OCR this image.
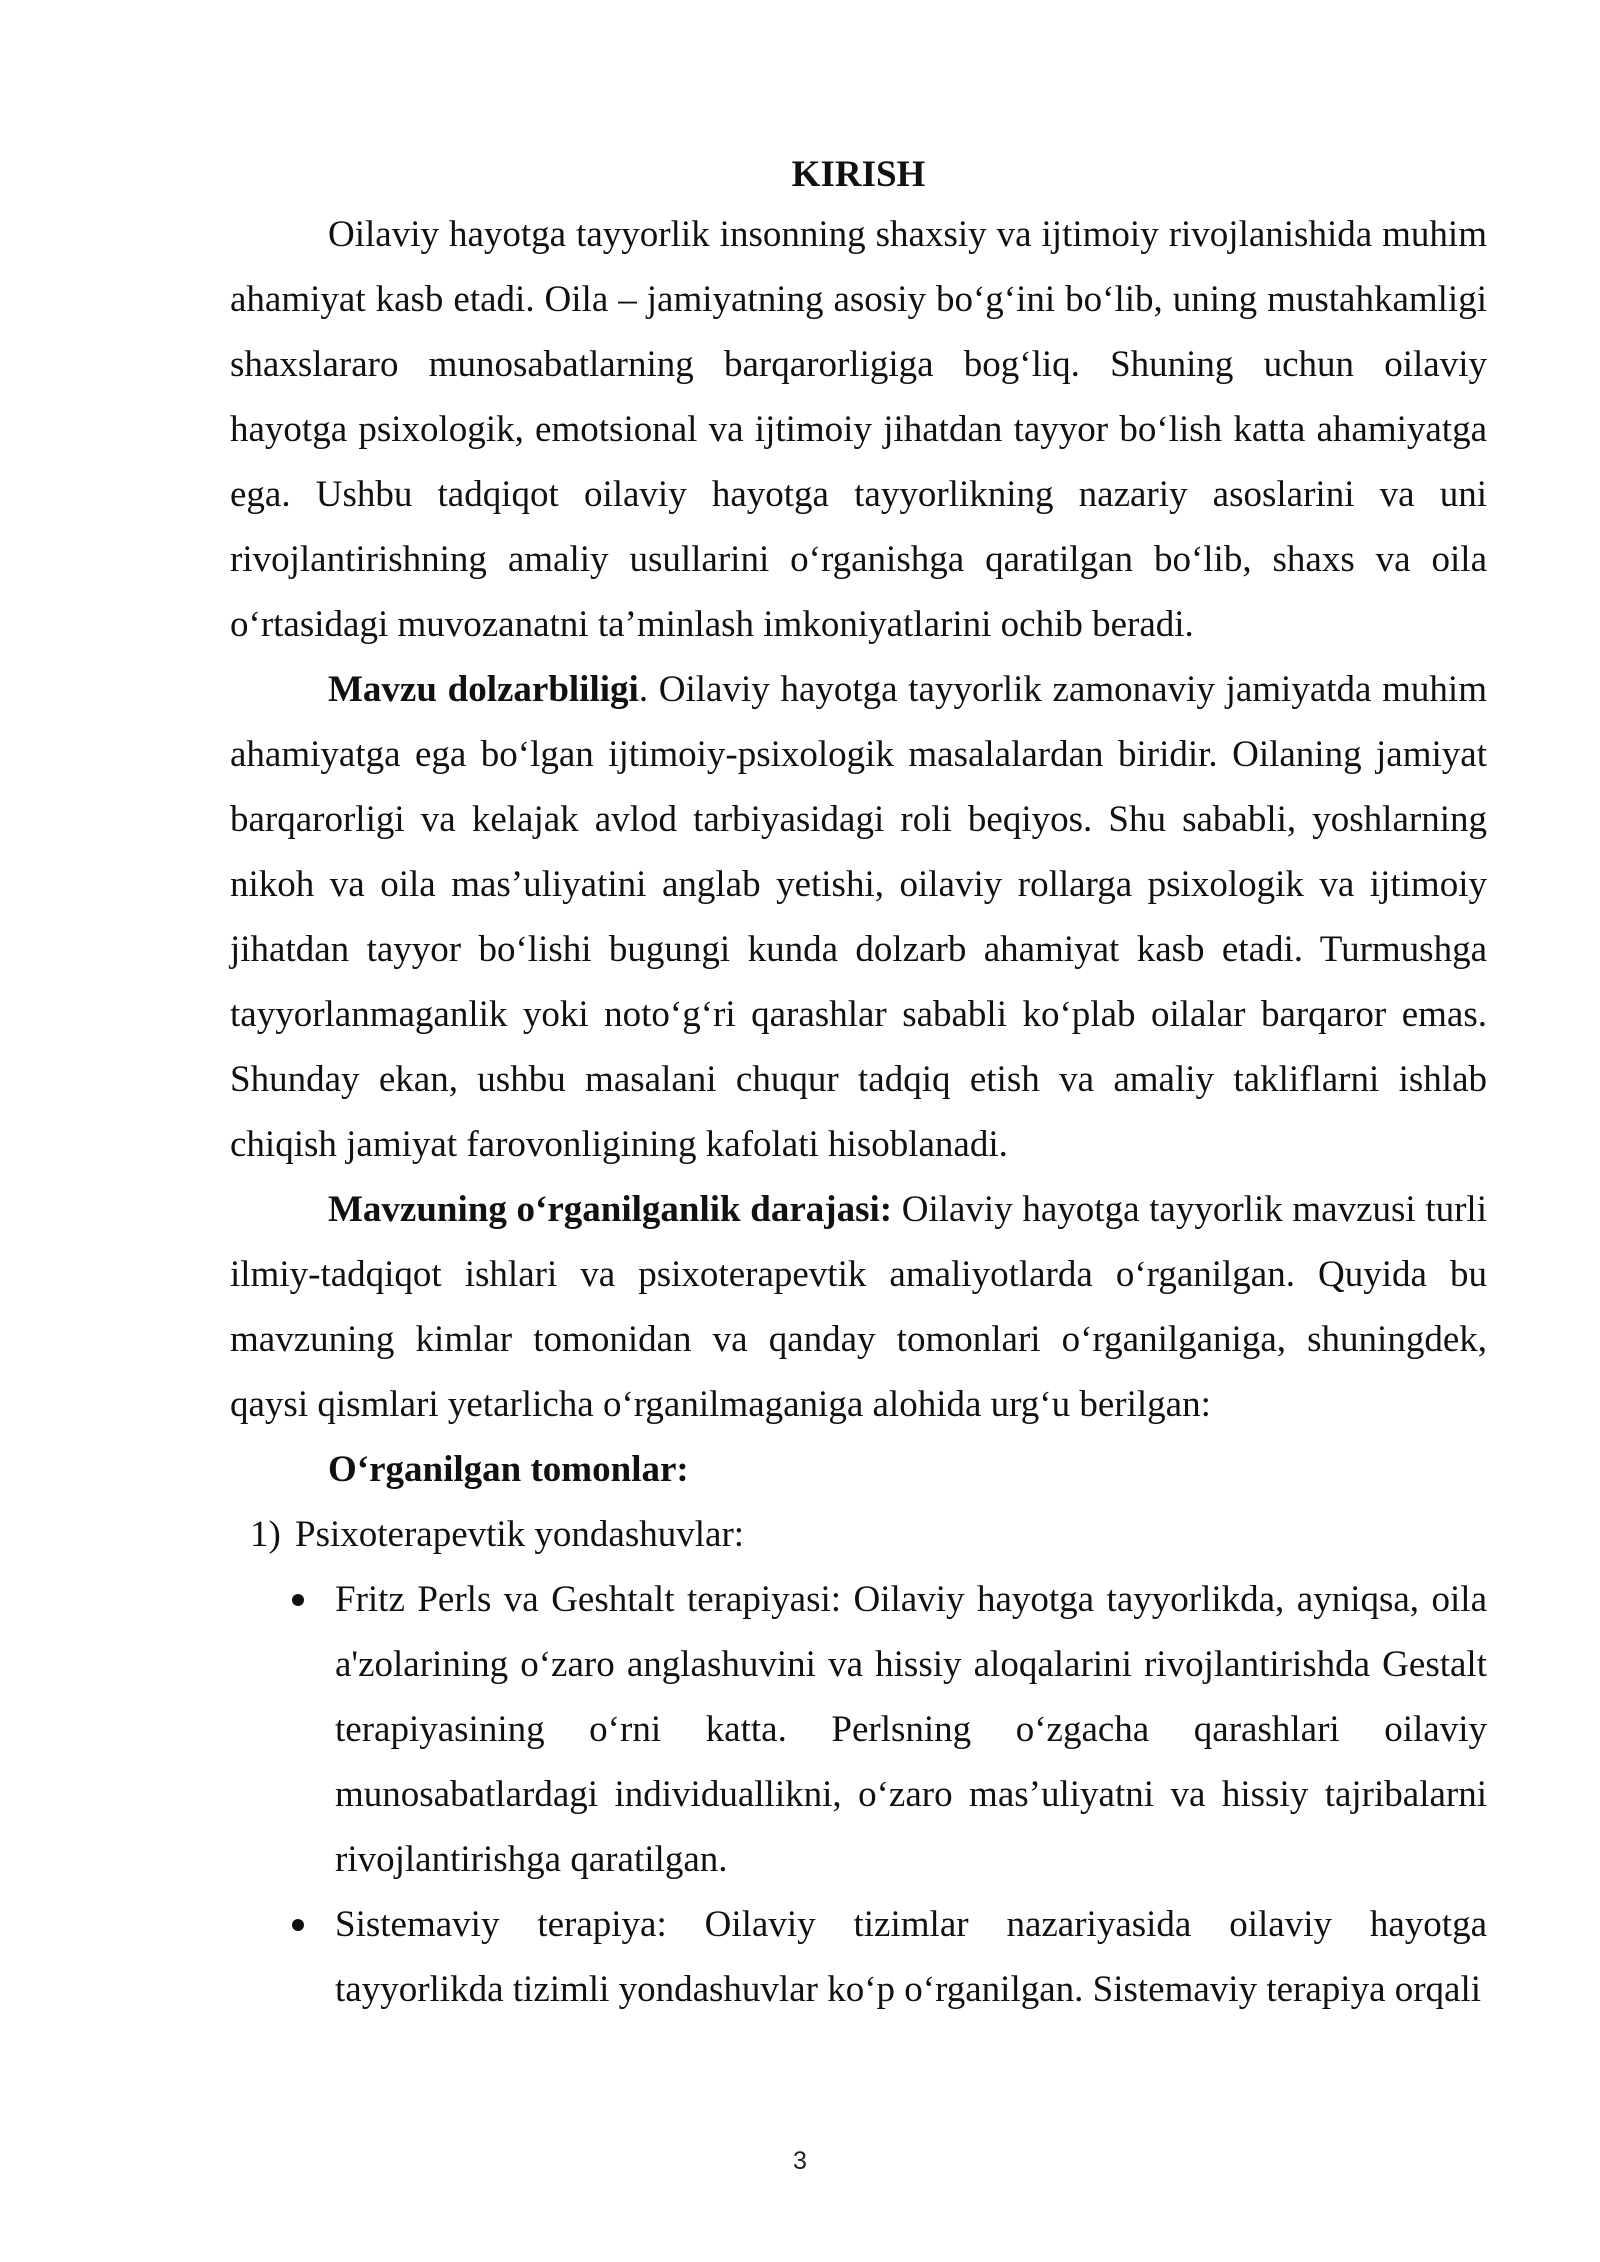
KIRISH

Oilaviy hayotga tayyorlik insonning shaxsiy va ijtimoiy rivojlanishida muhim ahamiyat kasb etadi. Oila – jamiyatning asosiy bo‘g‘ini bo‘lib, uning mustahkamligi shaxslararo munosabatlarning barqarorligiga bog‘liq. Shuning uchun oilaviy hayotga psixologik, emotsional va ijtimoiy jihatdan tayyor bo‘lish katta ahamiyatga ega. Ushbu tadqiqot oilaviy hayotga tayyorlikning nazariy asoslarini va uni rivojlantirishning amaliy usullarini o‘rganishga qaratilgan bo‘lib, shaxs va oila o‘rtasidagi muvozanatni ta’minlash imkoniyatlarini ochib beradi.

Mavzu dolzarbliligi. Oilaviy hayotga tayyorlik zamonaviy jamiyatda muhim ahamiyatga ega bo‘lgan ijtimoiy-psixologik masalalardan biridir. Oilaning jamiyat barqarorligi va kelajak avlod tarbiyasidagi roli beqiyos. Shu sababli, yoshlarning nikoh va oila mas’uliyatini anglab yetishi, oilaviy rollarga psixologik va ijtimoiy jihatdan tayyor bo‘lishi bugungi kunda dolzarb ahamiyat kasb etadi. Turmushga tayyorlanmaganlik yoki noto‘g‘ri qarashlar sababli ko‘plab oilalar barqaror emas. Shunday ekan, ushbu masalani chuqur tadqiq etish va amaliy takliflarni ishlab chiqish jamiyat farovonligining kafolati hisoblanadi.

Mavzuning o‘rganilganlik darajasi: Oilaviy hayotga tayyorlik mavzusi turli ilmiy-tadqiqot ishlari va psixoterapevtik amaliyotlarda o‘rganilgan. Quyida bu mavzuning kimlar tomonidan va qanday tomonlari o‘rganilganiga, shuningdek, qaysi qismlari yetarlicha o‘rganilmaganiga alohida urg‘u berilgan:

O‘rganilgan tomonlar:

1) Psixoterapevtik yondashuvlar:
Fritz Perls va Geshtalt terapiyasi: Oilaviy hayotga tayyorlikda, ayniqsa, oila a'zolarining o‘zaro anglashuvini va hissiy aloqalarini rivojlantirishda Gestalt terapiyasining o‘rni katta. Perlsning o‘zgacha qarashlari oilaviy munosabatlardagi individuallikni, o‘zaro mas’uliyatni va hissiy tajribalarni rivojlantirishga qaratilgan.
Sistemaviy terapiya: Oilaviy tizimlar nazariyasida oilaviy hayotga tayyorlikda tizimli yondashuvlar ko‘p o‘rganilgan. Sistemaviy terapiya orqali
3
